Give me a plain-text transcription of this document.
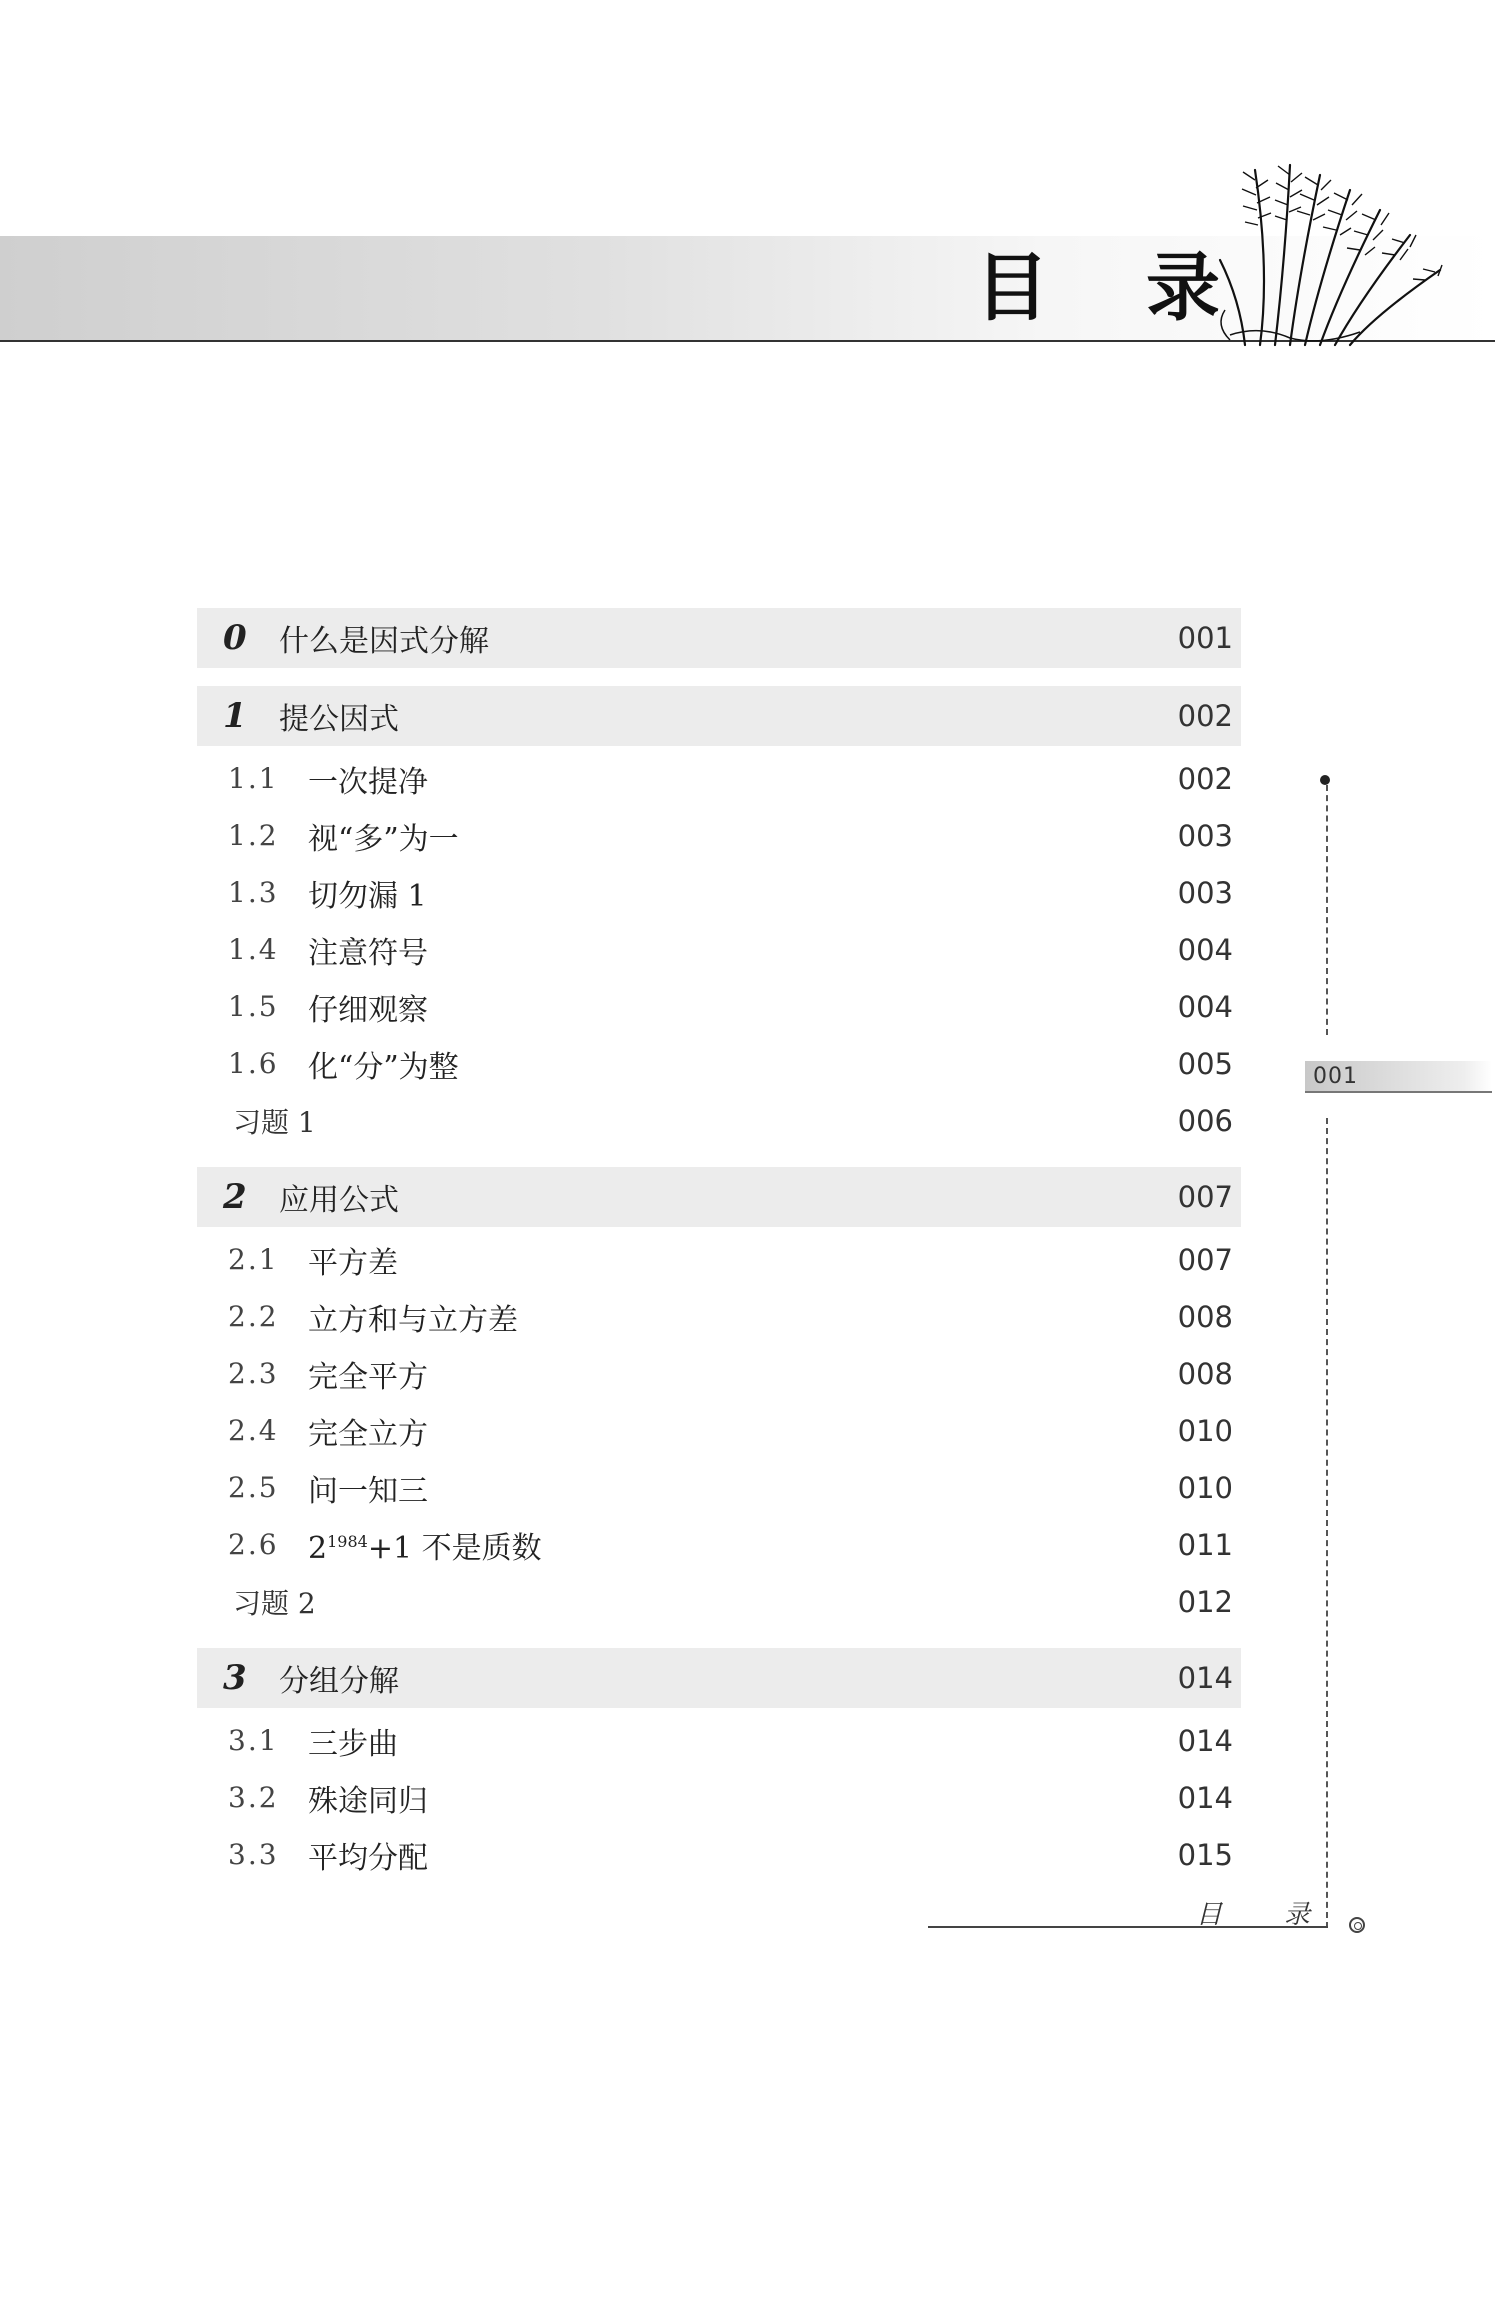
目 录
0 什么是因式分解	001
1 提公因式	002
1.1 一次提净	002
1.2 视“多”为一	003
1.3 切勿漏 1	003
1.4 注意符号	004
1.5 仔细观察	004
1.6 化“分”为整	005
习题 1	006
2 应用公式	007
2.1 平方差	007
2.2 立方和与立方差	008
2.3 完全平方	008
2.4 完全立方	010
2.5 问一知三	010
2.6 $2^{1984}+1$ 不是质数	011
习题 2	012
3 分组分解	014
3.1 三步曲	014
3.2 殊途同归	014
3.3 平均分配	015
001
目 录
